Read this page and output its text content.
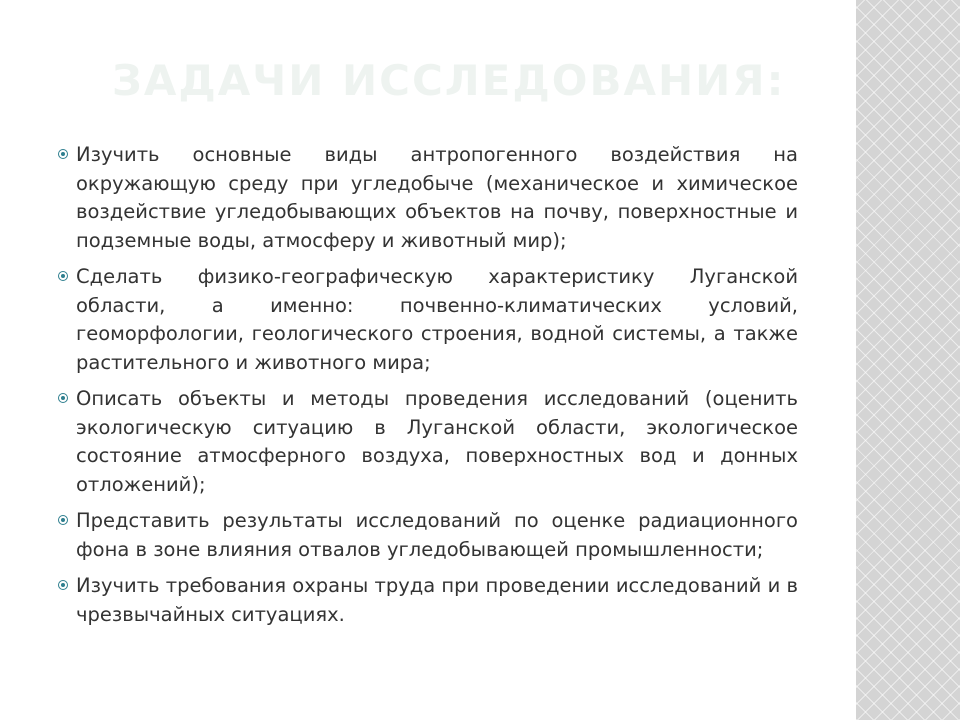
ЗАДАЧИ ИССЛЕДОВАНИЯ:
Изучить основные виды антропогенного воздействия на окружающую среду при угледобыче (механическое и химическое воздействие угледобывающих объектов на почву, поверхностные и подземные воды, атмосферу и животный мир);
Сделать физико-географическую характеристику Луганской области, а именно: почвенно-климатических условий, геоморфологии, геологического строения, водной системы, а также растительного и животного мира;
Описать объекты и методы проведения исследований (оценить экологическую ситуацию в Луганской области, экологическое состояние атмосферного воздуха, поверхностных вод и донных отложений);
Представить результаты исследований по оценке радиационного фона в зоне влияния отвалов угледобывающей промышленности;
Изучить требования охраны труда при проведении исследований и в чрезвычайных ситуациях.
